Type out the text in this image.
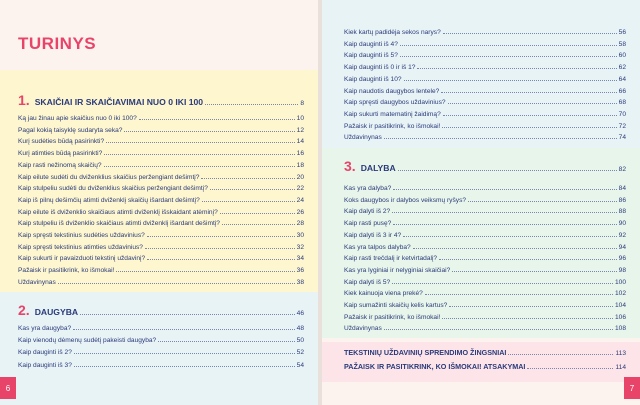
TURINYS
1. SKAIČIAI IR SKAIČIAVIMAI NUO 0 IKI 100	8
Ką jau žinau apie skaičius nuo 0 iki 100?	10
Pagal kokią taisyklę sudaryta seka?	12
Kurį sudėties būdą pasirinkti?	14
Kurį atimties būdą pasirinkti?	16
Kaip rasti nežinomą skaičių?	18
Kaip eilute sudėti du dviženklius skaičius peržengiant dešimtį?	20
Kaip stulpeliu sudėti du dviženklius skaičius peržengiant dešimtį?	22
Kaip iš pilnų dešimčių atimti dviženklį skaičių išardant dešimtį?	24
Kaip eilute iš dviženklio skaičiaus atimti dviženklį išskaidant atėminį?	26
Kaip stulpeliu iš dviženklio skaičiaus atimti dviženklį išardant dešimtį?	28
Kaip spręsti tekstinius sudėties uždavinius?	30
Kaip spręsti tekstinius atimties uždavinius?	32
Kaip sukurti ir pavaizduoti tekstinį uždavinį?	34
Pažaisk ir pasitikrink, ko išmokai!	36
Uždavinynas	38
2. DAUGYBA	46
Kas yra daugyba?	48
Kaip vienodų dėmenų sudėtį pakeisti daugyba?	50
Kaip dauginti iš 2?	52
Kaip dauginti iš 3?	54
6
Kiek kartų padidėja sekos narys?	56
Kaip dauginti iš 4?	58
Kaip dauginti iš 5?	60
Kaip dauginti iš 0 ir iš 1?	62
Kaip dauginti iš 10?	64
Kaip naudotis daugybos lentele?	66
Kaip spręsti daugybos uždavinius?	68
Kaip sukurti matematinį žaidimą?	70
Pažaisk ir pasitikrink, ko išmokai!	72
Uždavinynas	74
3. DALYBA	82
Kas yra dalyba?	84
Koks daugybos ir dalybos veiksmų ryšys?	86
Kaip dalyti iš 2?	88
Kaip rasti pusę?	90
Kaip dalyti iš 3 ir 4?	92
Kas yra talpos dalyba?	94
Kaip rasti trečdalį ir ketvirtadalį?	96
Kas yra lyginiai ir nelyginiai skaičiai?	98
Kaip dalyti iš 5?	100
Kiek kainuoja viena prekė?	102
Kaip sumažinti skaičių kelis kartus?	104
Pažaisk ir pasitikrink, ko išmokai!	106
Uždavinynas	108
TEKSTINIŲ UŽDAVINIŲ SPRENDIMO ŽINGSNIAI	113
PAŽAISK IR PASITIKRINK, KO IŠMOKAI! ATSAKYMAI	114
7
